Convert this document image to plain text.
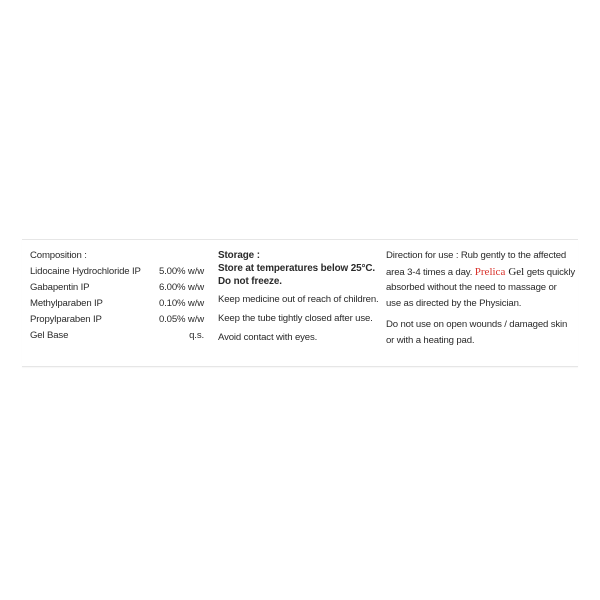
Composition :
Lidocaine Hydrochloride IP	5.00% w/w
Gabapentin IP	6.00% w/w
Methylparaben IP	0.10% w/w
Propylparaben IP	0.05% w/w
Gel Base	q.s.
Storage :
Store at temperatures below 25°C.
Do not freeze.
Keep medicine out of reach of children.
Keep the tube tightly closed after use.
Avoid contact with eyes.
Direction for use : Rub gently to the affected
area 3-4 times a day. Prelica Gel gets quickly
absorbed without the need to massage or
use as directed by the Physician.
Do not use on open wounds / damaged skin
or with a heating pad.
